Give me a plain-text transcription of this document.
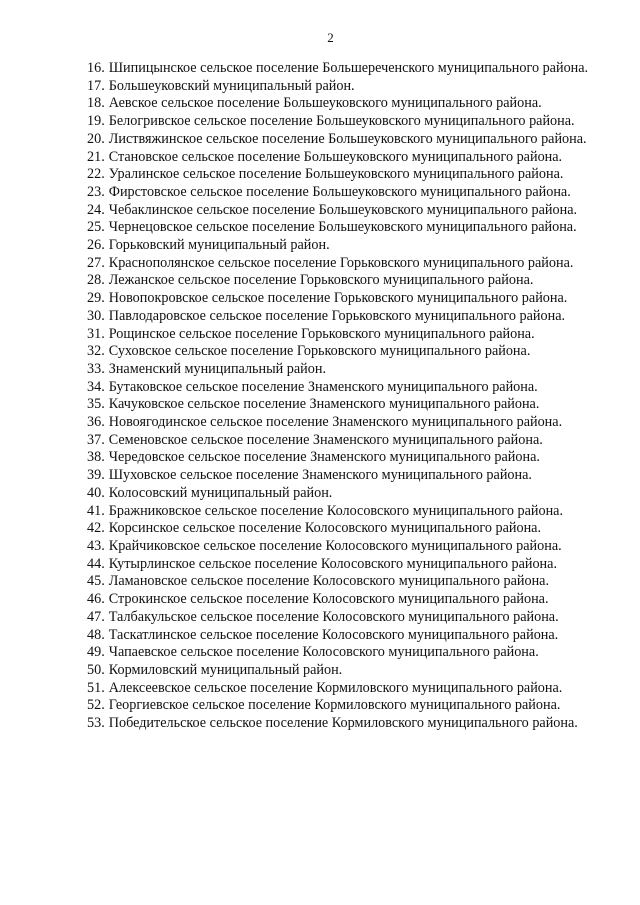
2

16. Шипицынское сельское поселение Большереченского муниципального района.

17. Большеуковский муниципальный район.

18. Аевское сельское поселение Большеуковского муниципального района.

19. Белогривское сельское поселение Большеуковского муниципального района.

20. Листвяжинское сельское поселение Большеуковского муниципального района.

21. Становское сельское поселение Большеуковского муниципального района.

22. Уралинское сельское поселение Большеуковского муниципального района.

23. Фирстовское сельское поселение Большеуковского муниципального района.

24. Чебаклинское сельское поселение Большеуковского муниципального района.

25. Чернецовское сельское поселение Большеуковского муниципального района.

26. Горьковский муниципальный район.

27. Краснополянское сельское поселение Горьковского муниципального района.

28. Лежанское сельское поселение Горьковского муниципального района.

29. Новопокровское сельское поселение Горьковского муниципального района.

30. Павлодаровское сельское поселение Горьковского муниципального района.

31. Рощинское сельское поселение Горьковского муниципального района.

32. Суховское сельское поселение Горьковского муниципального района.

33. Знаменский муниципальный район.

34. Бутаковское сельское поселение Знаменского муниципального района.

35. Качуковское сельское поселение Знаменского муниципального района.

36. Новоягодинское сельское поселение Знаменского муниципального района.

37. Семеновское сельское поселение Знаменского муниципального района.

38. Чередовское сельское поселение Знаменского муниципального района.

39. Шуховское сельское поселение Знаменского муниципального района.

40. Колосовский муниципальный район.

41. Бражниковское сельское поселение Колосовского муниципального района.

42. Корсинское сельское поселение Колосовского муниципального района.

43. Крайчиковское сельское поселение Колосовского муниципального района.

44. Кутырлинское сельское поселение Колосовского муниципального района.

45. Ламановское сельское поселение Колосовского муниципального района.

46. Строкинское сельское поселение Колосовского муниципального района.

47. Талбакульское сельское поселение Колосовского муниципального района.

48. Таскатлинское сельское поселение Колосовского муниципального района.

49. Чапаевское сельское поселение Колосовского муниципального района.

50. Кормиловский муниципальный район.

51. Алексеевское сельское поселение Кормиловского муниципального района.

52. Георгиевское сельское поселение Кормиловского муниципального района.

53. Победительское сельское поселение Кормиловского муниципального района.
